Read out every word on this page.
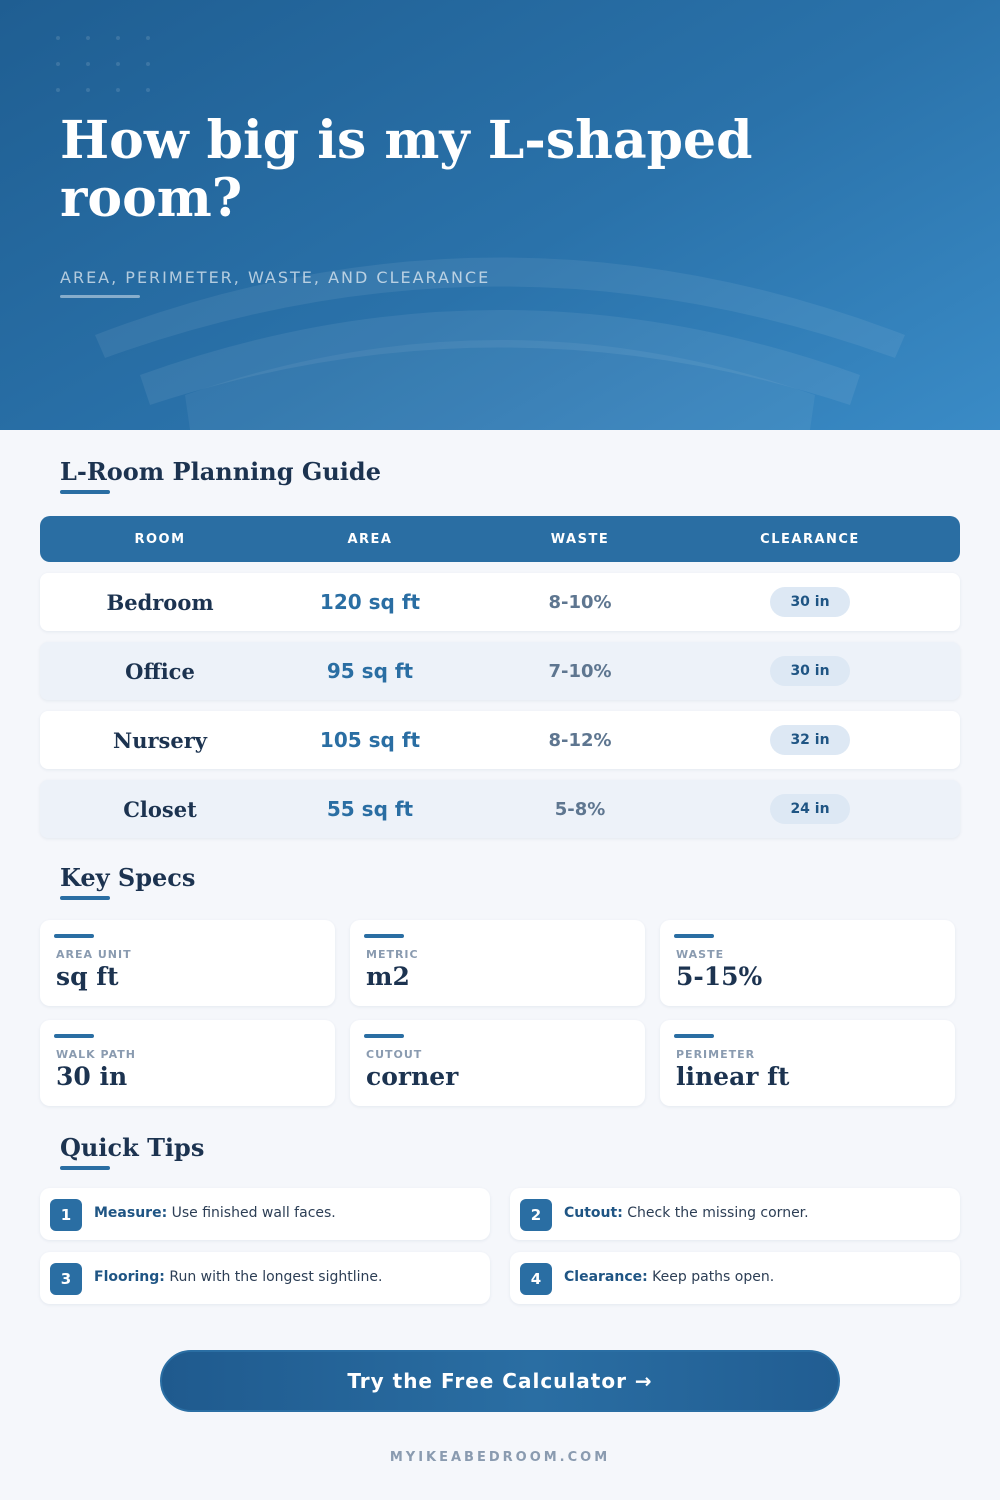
How big is my L-shaped room?
AREA, PERIMETER, WASTE, AND CLEARANCE
L-Room Planning Guide
ROOM	AREA	WASTE	CLEARANCE
Bedroom	120 sq ft	8-10%	30 in
Office	95 sq ft	7-10%	30 in
Nursery	105 sq ft	8-12%	32 in
Closet	55 sq ft	5-8%	24 in
Key Specs
AREA UNIT
sq ft
METRIC
m2
WASTE
5-15%
WALK PATH
30 in
CUTOUT
corner
PERIMETER
linear ft
Quick Tips
1	Measure: Use finished wall faces.	2	Cutout: Check the missing corner.
3	Flooring: Run with the longest sightline.	4	Clearance: Keep paths open.
Try the Free Calculator →
MYIKEABEDROOM.COM
